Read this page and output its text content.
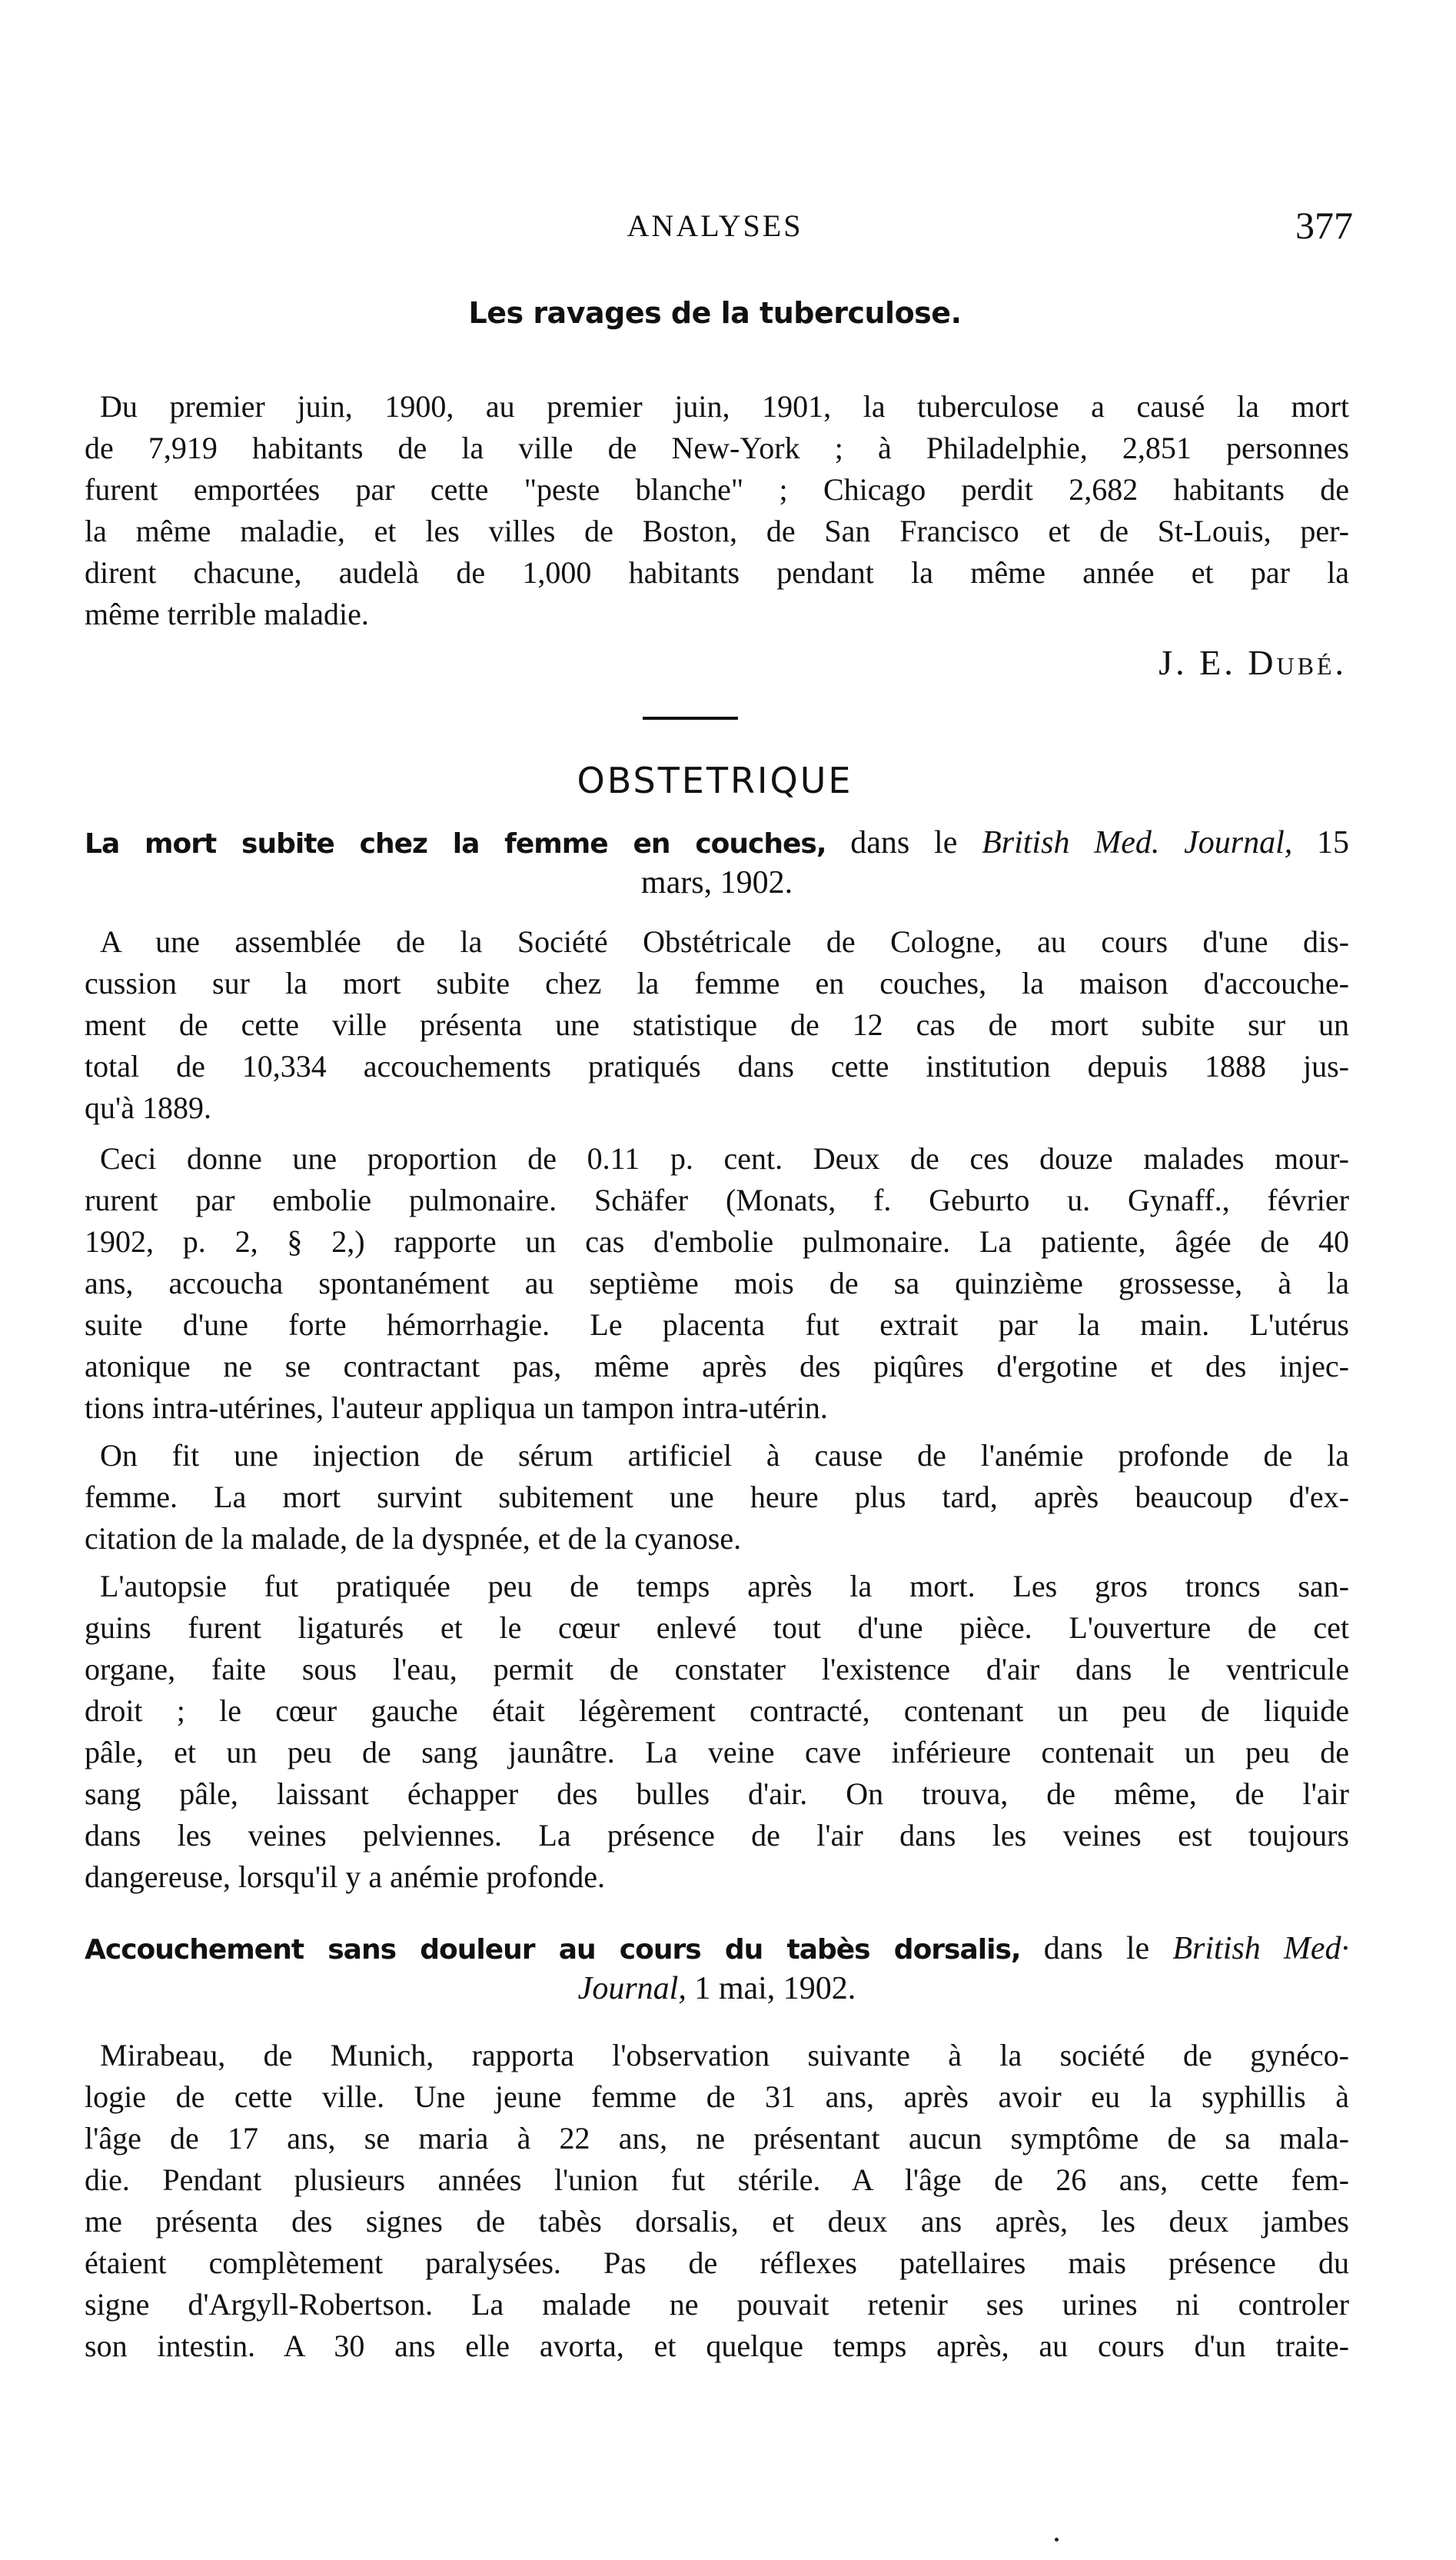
ANALYSES	377
Les ravages de la tuberculose.
Du premier juin, 1900, au premier juin, 1901, la tuberculose a causé la mort
de 7,919 habitants de la ville de New-York ; à Philadelphie, 2,851 personnes
furent emportées par cette "peste blanche" ; Chicago perdit 2,682 habitants de
la même maladie, et les villes de Boston, de San Francisco et de St-Louis, per-
dirent chacune, audelà de 1,000 habitants pendant la même année et par la
même terrible maladie.
J. E. Dubé.
OBSTETRIQUE
La mort subite chez la femme en couches, dans le British Med. Journal, 15
mars, 1902.
A une assemblée de la Société Obstétricale de Cologne, au cours d'une dis-
cussion sur la mort subite chez la femme en couches, la maison d'accouche-
ment de cette ville présenta une statistique de 12 cas de mort subite sur un
total de 10,334 accouchements pratiqués dans cette institution depuis 1888 jus-
qu'à 1889.
Ceci donne une proportion de 0.11 p. cent. Deux de ces douze malades mour-
rurent par embolie pulmonaire. Schäfer (Monats, f. Geburto u. Gynaff., février
1902, p. 2, § 2,) rapporte un cas d'embolie pulmonaire. La patiente, âgée de 40
ans, accoucha spontanément au septième mois de sa quinzième grossesse, à la
suite d'une forte hémorrhagie. Le placenta fut extrait par la main. L'utérus
atonique ne se contractant pas, même après des piqûres d'ergotine et des injec-
tions intra-utérines, l'auteur appliqua un tampon intra-utérin.
On fit une injection de sérum artificiel à cause de l'anémie profonde de la
femme. La mort survint subitement une heure plus tard, après beaucoup d'ex-
citation de la malade, de la dyspnée, et de la cyanose.
L'autopsie fut pratiquée peu de temps après la mort. Les gros troncs san-
guins furent ligaturés et le cœur enlevé tout d'une pièce. L'ouverture de cet
organe, faite sous l'eau, permit de constater l'existence d'air dans le ventricule
droit ; le cœur gauche était légèrement contracté, contenant un peu de liquide
pâle, et un peu de sang jaunâtre. La veine cave inférieure contenait un peu de
sang pâle, laissant échapper des bulles d'air. On trouva, de même, de l'air
dans les veines pelviennes. La présence de l'air dans les veines est toujours
dangereuse, lorsqu'il y a anémie profonde.
Accouchement sans douleur au cours du tabès dorsalis, dans le British Med·
Journal, 1 mai, 1902.
Mirabeau, de Munich, rapporta l'observation suivante à la société de gynéco-
logie de cette ville. Une jeune femme de 31 ans, après avoir eu la syphillis à
l'âge de 17 ans, se maria à 22 ans, ne présentant aucun symptôme de sa mala-
die. Pendant plusieurs années l'union fut stérile. A l'âge de 26 ans, cette fem-
me présenta des signes de tabès dorsalis, et deux ans après, les deux jambes
étaient complètement paralysées. Pas de réflexes patellaires mais présence du
signe d'Argyll-Robertson. La malade ne pouvait retenir ses urines ni controler
son intestin. A 30 ans elle avorta, et quelque temps après, au cours d'un traite-
